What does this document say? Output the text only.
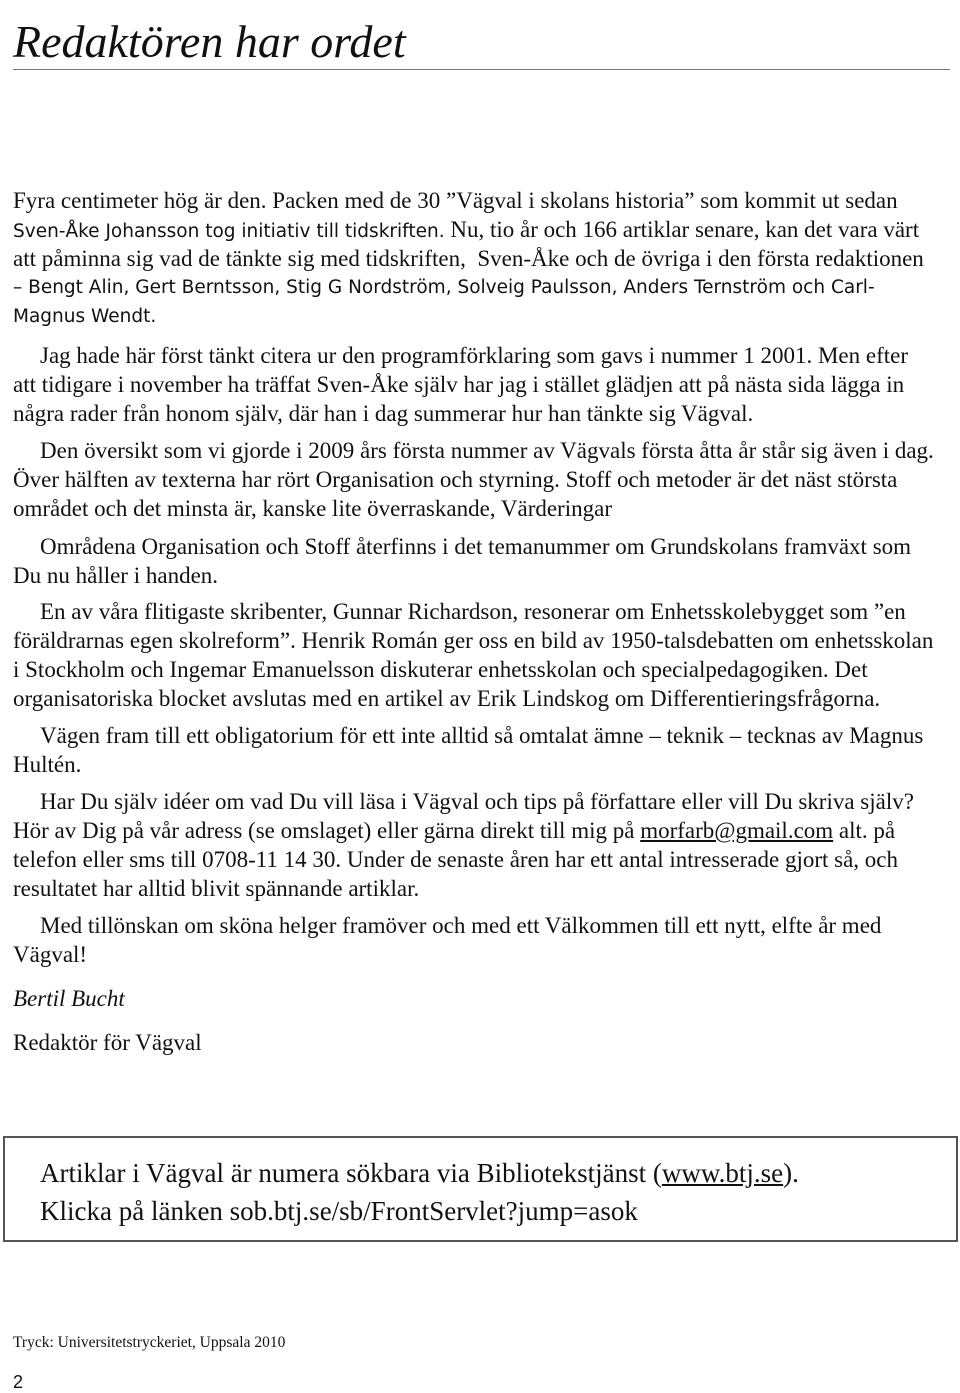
Redaktören har ordet
Fyra centimeter hög är den. Packen med de 30 ”Vägval i skolans historia” som kommit ut sedan
Sven-Åke Johansson tog initiativ till tidskriften. Nu, tio år och 166 artiklar senare, kan det vara värt
att påminna sig vad de tänkte sig med tidskriften,  Sven-Åke och de övriga i den första redaktionen
– Bengt Alin, Gert Berntsson, Stig G Nordström, Solveig Paulsson, Anders Ternström och Carl-
Magnus Wendt.
Jag hade här först tänkt citera ur den programförklaring som gavs i nummer 1 2001. Men efter
att tidigare i november ha träffat Sven-Åke själv har jag i stället glädjen att på nästa sida lägga in
några rader från honom själv, där han i dag summerar hur han tänkte sig Vägval.
Den översikt som vi gjorde i 2009 års första nummer av Vägvals första åtta år står sig även i dag.
Över hälften av texterna har rört Organisation och styrning. Stoff och metoder är det näst största
området och det minsta är, kanske lite överraskande, Värderingar
Områdena Organisation och Stoff återfinns i det temanummer om Grundskolans framväxt som
Du nu håller i handen.
En av våra flitigaste skribenter, Gunnar Richardson, resonerar om Enhetsskolebygget som ”en
föräldrarnas egen skolreform”. Henrik Román ger oss en bild av 1950-talsdebatten om enhetsskolan
i Stockholm och Ingemar Emanuelsson diskuterar enhetsskolan och specialpedagogiken. Det
organisatoriska blocket avslutas med en artikel av Erik Lindskog om Differentieringsfrågorna.
Vägen fram till ett obligatorium för ett inte alltid så omtalat ämne – teknik – tecknas av Magnus
Hultén.
Har Du själv idéer om vad Du vill läsa i Vägval och tips på författare eller vill Du skriva själv?
Hör av Dig på vår adress (se omslaget) eller gärna direkt till mig på morfarb@gmail.com alt. på
telefon eller sms till 0708-11 14 30. Under de senaste åren har ett antal intresserade gjort så, och
resultatet har alltid blivit spännande artiklar.
Med tillönskan om sköna helger framöver och med ett Välkommen till ett nytt, elfte år med
Vägval!
Bertil Bucht
Redaktör för Vägval
Artiklar i Vägval är numera sökbara via Bibliotekstjänst (www.btj.se).
Klicka på länken sob.btj.se/sb/FrontServlet?jump=asok
Tryck: Universitetstryckeriet, Uppsala 2010
2
